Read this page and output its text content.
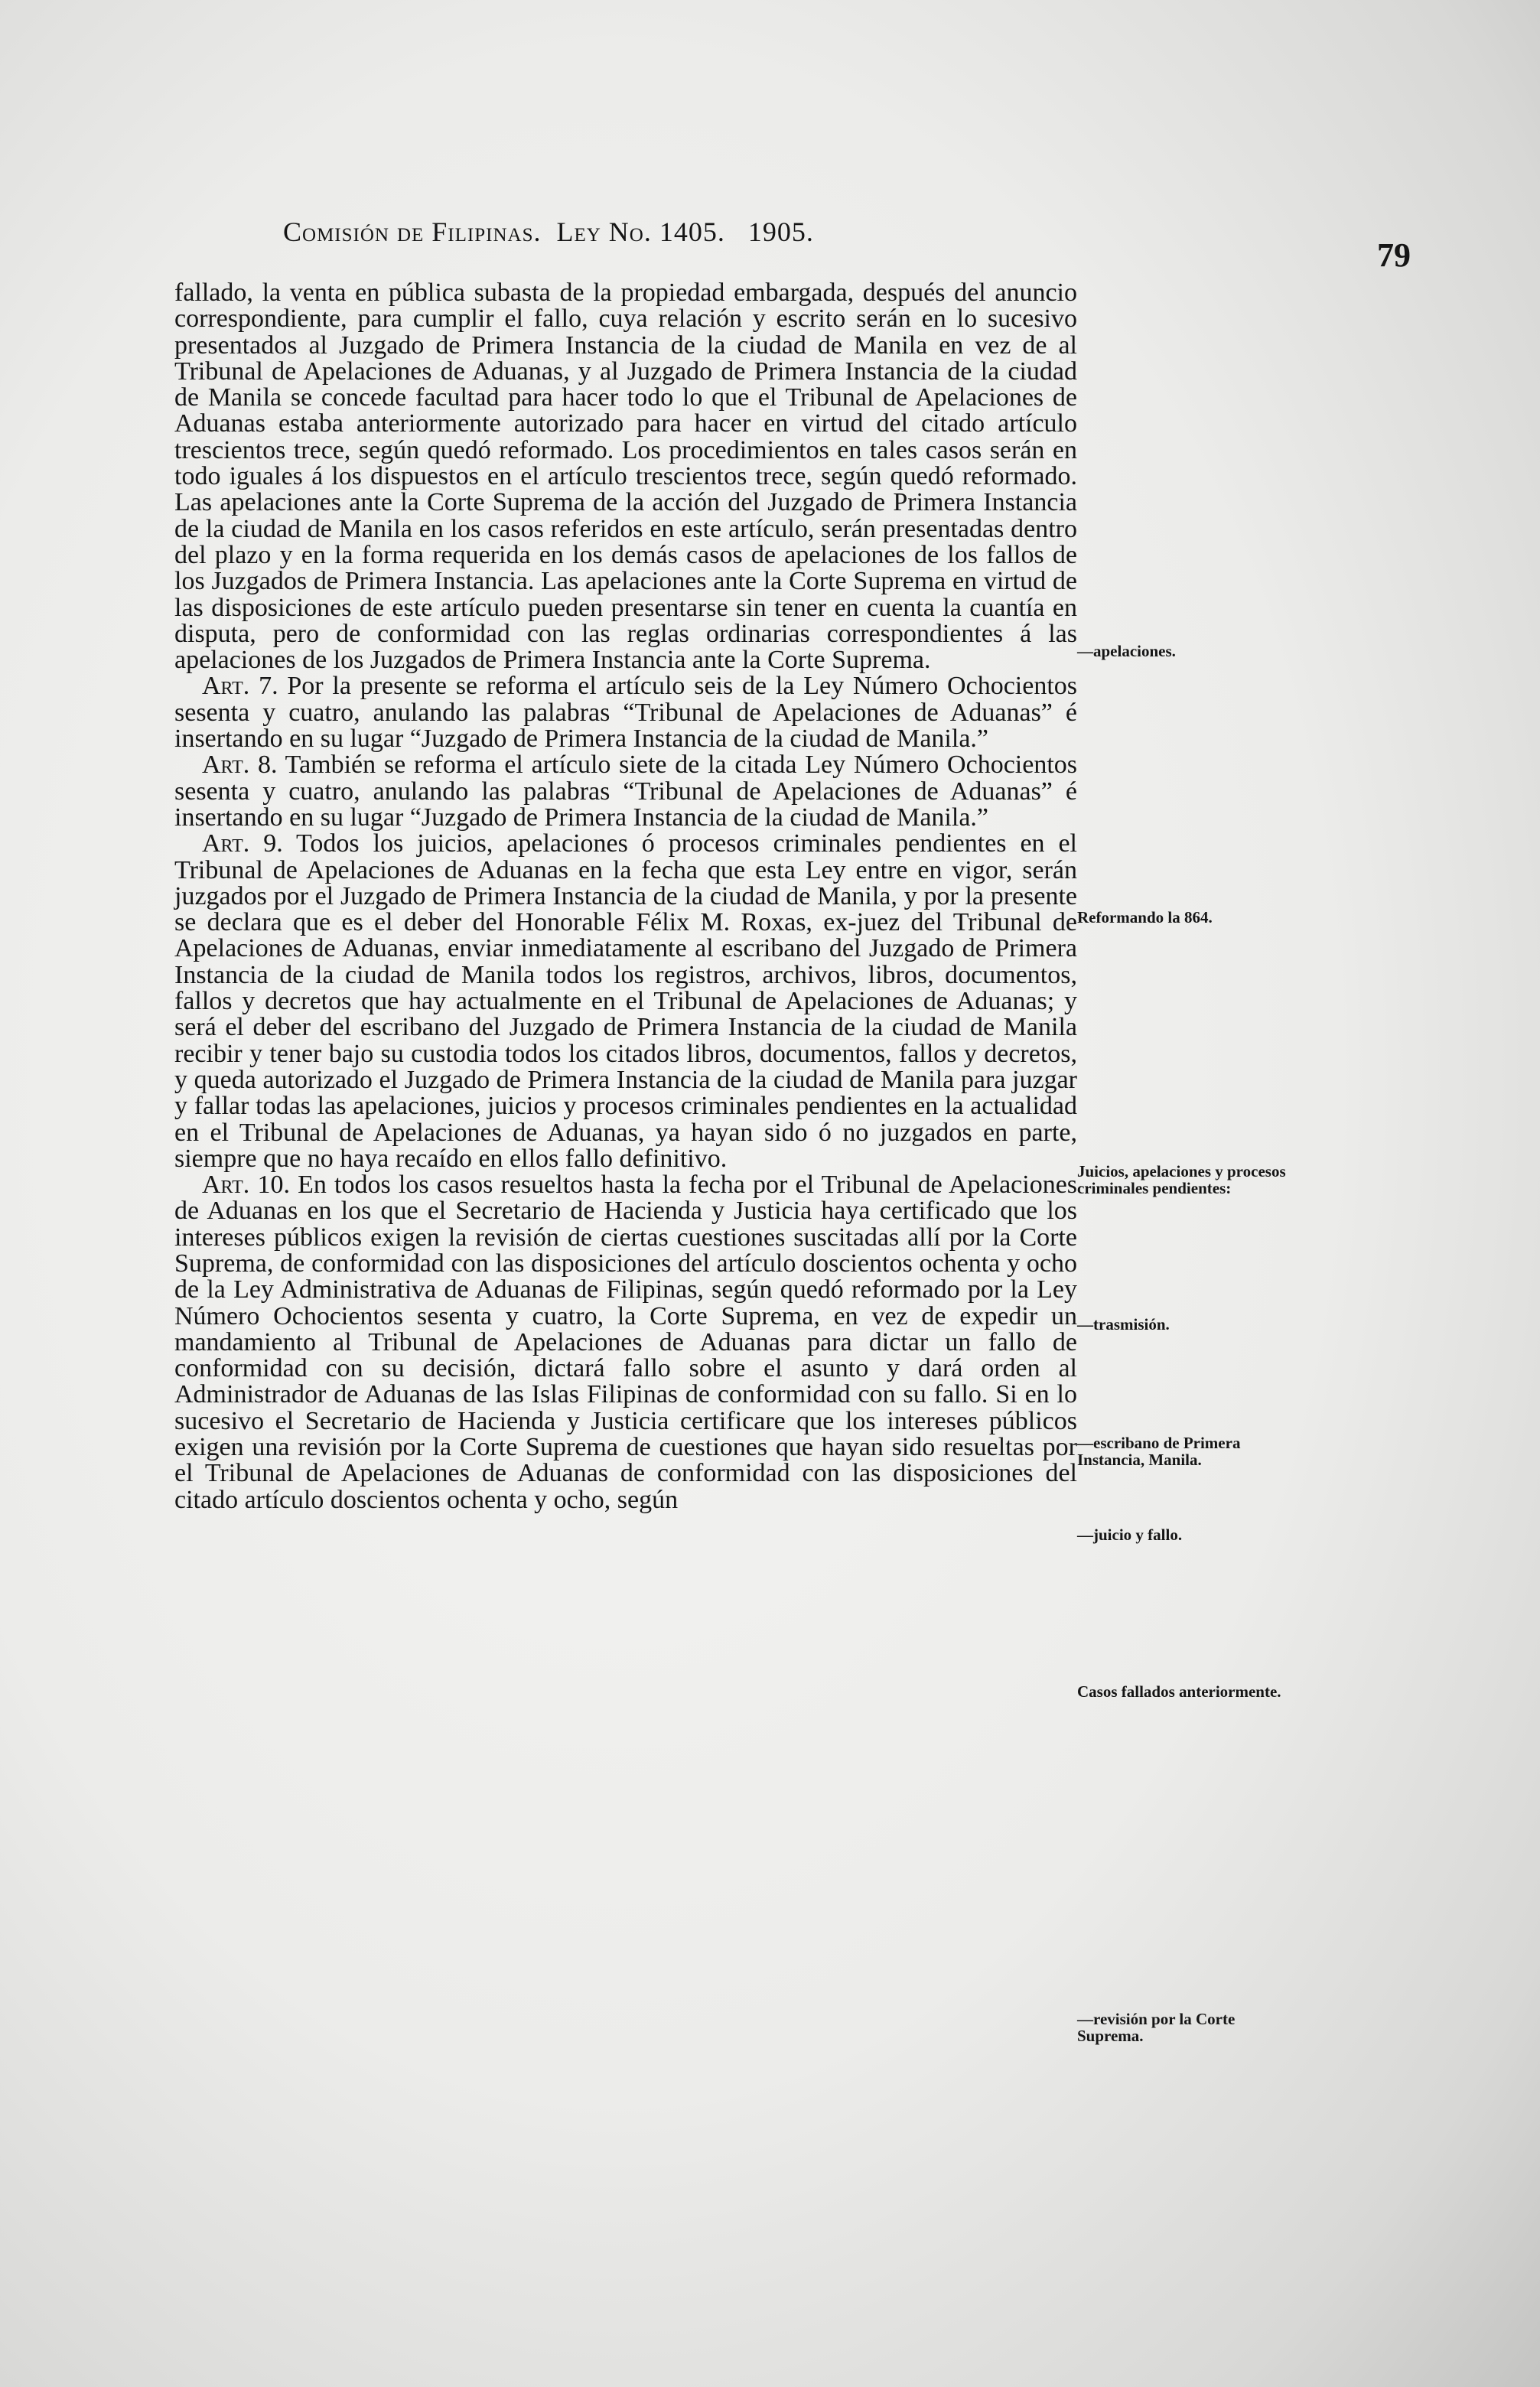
Comisión de Filipinas. Ley No. 1405. 1905.
79

fallado, la venta en pública subasta de la propiedad embargada, después del anuncio correspondiente, para cumplir el fallo, cuya relación y escrito serán en lo sucesivo presentados al Juzgado de Primera Instancia de la ciudad de Manila en vez de al Tribunal de Apelaciones de Aduanas, y al Juzgado de Primera Instancia de la ciudad de Manila se concede facultad para hacer todo lo que el Tribunal de Apelaciones de Aduanas estaba anteriormente autorizado para hacer en virtud del citado artículo trescientos trece, según quedó reformado. Los procedimientos en tales casos serán en todo iguales á los dispuestos en el artículo trescientos trece, según quedó reformado. Las apelaciones ante la Corte Suprema de la acción del Juzgado de Primera Instancia de la ciudad de Manila en los casos referidos en este artículo, serán presentadas dentro del plazo y en la forma requerida en los demás casos de apelaciones de los fallos de los Juzgados de Primera Instancia. Las apelaciones ante la Corte Suprema en virtud de las disposiciones de este artículo pueden presentarse sin tener en cuenta la cuantía en disputa, pero de conformidad con las reglas ordinarias correspondientes á las apelaciones de los Juzgados de Primera Instancia ante la Corte Suprema.

Art. 7. Por la presente se reforma el artículo seis de la Ley Número Ochocientos sesenta y cuatro, anulando las palabras “Tribunal de Apelaciones de Aduanas” é insertando en su lugar “Juzgado de Primera Instancia de la ciudad de Manila.”

Art. 8. También se reforma el artículo siete de la citada Ley Número Ochocientos sesenta y cuatro, anulando las palabras “Tribunal de Apelaciones de Aduanas” é insertando en su lugar “Juzgado de Primera Instancia de la ciudad de Manila.”

Art. 9. Todos los juicios, apelaciones ó procesos criminales pendientes en el Tribunal de Apelaciones de Aduanas en la fecha que esta Ley entre en vigor, serán juzgados por el Juzgado de Primera Instancia de la ciudad de Manila, y por la presente se declara que es el deber del Honorable Félix M. Roxas, ex-juez del Tribunal de Apelaciones de Aduanas, enviar inmediatamente al escribano del Juzgado de Primera Instancia de la ciudad de Manila todos los registros, archivos, libros, documentos, fallos y decretos que hay actualmente en el Tribunal de Apelaciones de Aduanas; y será el deber del escribano del Juzgado de Primera Instancia de la ciudad de Manila recibir y tener bajo su custodia todos los citados libros, documentos, fallos y decretos, y queda autorizado el Juzgado de Primera Instancia de la ciudad de Manila para juzgar y fallar todas las apelaciones, juicios y procesos criminales pendientes en la actualidad en el Tribunal de Apelaciones de Aduanas, ya hayan sido ó no juzgados en parte, siempre que no haya recaído en ellos fallo definitivo.

Art. 10. En todos los casos resueltos hasta la fecha por el Tribunal de Apelaciones de Aduanas en los que el Secretario de Hacienda y Justicia haya certificado que los intereses públicos exigen la revisión de ciertas cuestiones suscitadas allí por la Corte Suprema, de conformidad con las disposiciones del artículo doscientos ochenta y ocho de la Ley Administrativa de Aduanas de Filipinas, según quedó reformado por la Ley Número Ochocientos sesenta y cuatro, la Corte Suprema, en vez de expedir un mandamiento al Tribunal de Apelaciones de Aduanas para dictar un fallo de conformidad con su decisión, dictará fallo sobre el asunto y dará orden al Administrador de Aduanas de las Islas Filipinas de conformidad con su fallo. Si en lo sucesivo el Secretario de Hacienda y Justicia certificare que los intereses públicos exigen una revisión por la Corte Suprema de cuestiones que hayan sido resueltas por el Tribunal de Apelaciones de Aduanas de conformidad con las disposiciones del citado artículo doscientos ochenta y ocho, según

—apelaciones.
Reformando la 864.
Juicios, apelaciones y procesos criminales pendientes:
—trasmisión.
—escribano de Primera Instancia, Manila.
—juicio y fallo.
Casos fallados anteriormente.
—revisión por la Corte Suprema.
